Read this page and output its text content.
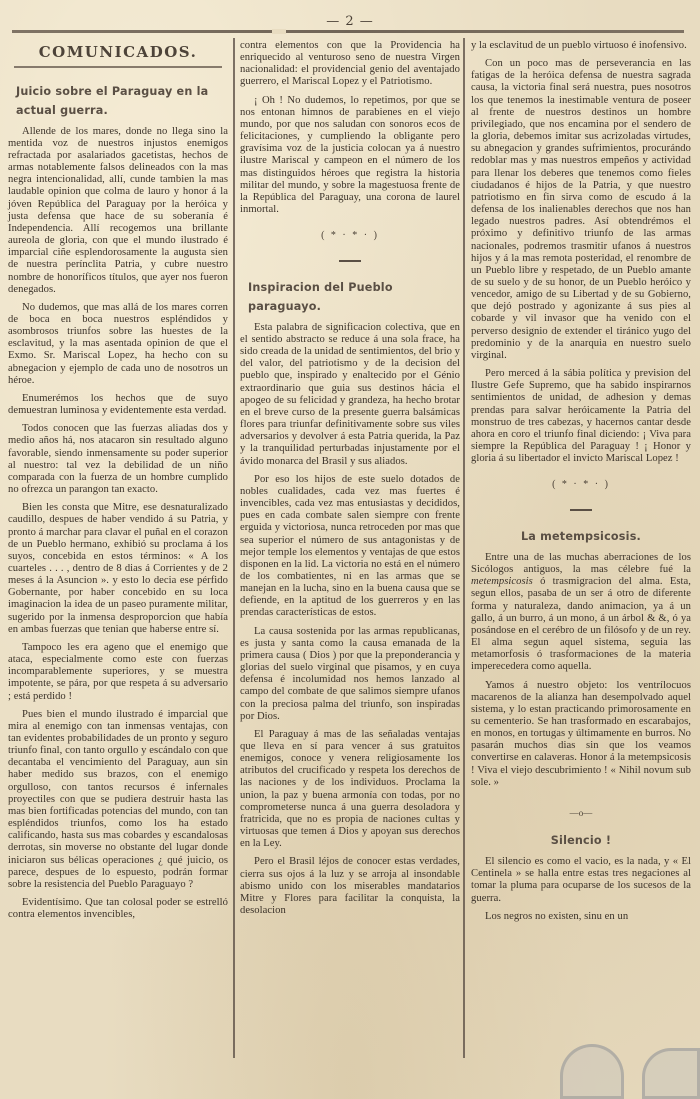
— 2 —
COMUNICADOS.
Juicio sobre el Paraguay en la actual guerra.

Allende de los mares, donde no llega sino la mentida voz de nuestros injustos enemigos refractada por asalariados gacetistas, hechos de armas notablemente falsos delineados con la mas negra intencionalidad, allí, cunde tambien la mas laudable opinion que colma de lauro y honor á la jóven República del Paraguay por la heróica y justa defensa que hace de su soberanía é Independencia. Allí recogemos una brillante aureola de gloria, con que el mundo ilustrado é imparcial ciñe esplendorosamente la augusta sien de nuestra perínclita Patria, y cubre nuestro nombre de honoríficos títulos, que ayer nos fueron denegados.

No dudemos, que mas allá de los mares corren de boca en boca nuestros espléndidos y asombrosos triunfos sobre las huestes de la esclavitud, y la mas asentada opinion de que el Exmo. Sr. Mariscal Lopez, ha hecho con su abnegacion y ejemplo de cada uno de nosotros un héroe.

Enumerémos los hechos que de suyo demuestran luminosa y evidentemente esta verdad.

Todos conocen que las fuerzas aliadas dos y medio años há, nos atacaron sin resultado alguno favorable, siendo inmensamente su poder superior al nuestro: tal vez la debilidad de un niño comparada con la fuerza de un hombre cumplido no ofrezca un parangon tan exacto.

Bien les consta que Mitre, ese desnaturalizado caudillo, despues de haber vendido á su Patria, y pronto á marchar para clavar el puñal en el corazon de un Pueblo hermano, exhibió su proclama á los suyos, concebida en estos términos: « A los cuarteles . . . , dentro de 8 dias á Corrientes y de 2 meses á la Asuncion ». y esto lo decia ese pérfido Gobernante, por haber concebido en su loca imaginacion la idea de un paseo puramente militar, sugerido por la inmensa desproporcion que había en ambas fuerzas que tenian que haberse entre sí.

Tampoco les era ageno que el enemigo que ataca, especialmente como este con fuerzas incomparablemente superiores, y se muestra impotente, se pára, por que respeta á su adversario ; está perdido !

Pues bien el mundo ilustrado é imparcial que mira al enemigo con tan inmensas ventajas, con tan evidentes probabilidades de un pronto y seguro triunfo final, con tanto orgullo y escándalo con que decantaba el vencimiento del Paraguay, aun sin haber medido sus brazos, con el enemigo orgulloso, con tantos recursos é infernales proyectiles con que se pudiera destruir hasta las mas bien fortificadas potencias del mundo, con tan espléndidos triunfos, como los ha estado calificando, hasta sus mas cobardes y escandalosas derrotas, sin moverse no obstante del lugar donde iniciaron sus bélicas operaciones ¿ qué juicio, os parece, despues de lo espuesto, podrán formar sobre la resistencia del Pueblo Paraguayo ?

Evidentísimo. Que tan colosal poder se estrelló contra elementos invencibles,

contra elementos con que la Providencia ha enriquecido al venturoso seno de nuestra Virgen nacionalidad: el providencial genio del aventajado guerrero, el Mariscal Lopez y el Patriotismo.

¡ Oh ! No dudemos, lo repetimos, por que se nos entonan himnos de parabienes en el viejo mundo, por que nos saludan con sonoros ecos de felicitaciones, y cumpliendo la obligante pero gravísima voz de la justicia colocan ya á nuestro ilustre Mariscal y campeon en el número de los mas distinguidos héroes que registra la historia militar del mundo, y sobre la magestuosa frente de la República del Paraguay, una corona de laurel inmortal.

( * · * · )
Inspiracion del Pueblo paraguayo.

Esta palabra de significacion colectiva, que en el sentido abstracto se reduce á una sola frace, ha sido creada de la unidad de sentimientos, del brio y del valor, del patriotismo y de la decision del pueblo que, inspirado y enaltecido por el Génio extraordinario que guia sus destinos hácia el apogeo de su felicidad y grandeza, ha hecho brotar en el breve curso de la presente guerra balsámicas flores para triunfar definitivamente sobre sus viles adversarios y devolver á esta Patria querida, la Paz y la tranquilidad perturbadas injustamente por el ávido monarca del Brasil y sus aliados.

Por eso los hijos de este suelo dotados de nobles cualidades, cada vez mas fuertes é invencibles, cada vez mas entusiastas y decididos, pues en cada combate salen siempre con frente erguida y victoriosa, nunca retroceden por mas que sea superior el número de sus antagonistas y de mejor temple los elementos y ventajas de que estos disponen en la lid. La victoria no está en el número de los combatientes, ni en las armas que se manejan en la lucha, sino en la buena causa que se defiende, en la aptitud de los guerreros y en las prendas características de estos.

La causa sostenida por las armas republicanas, es justa y santa como la causa emanada de la primera causa ( Dios ) por que la preponderancia y glorias del suelo virginal que pisamos, y en cuya defensa é incolumidad nos hemos lanzado al campo del combate de que salimos siempre ufanos con la preciosa palma del triunfo, son inspiradas por Dios.

El Paraguay á mas de las señaladas ventajas que lleva en sí para vencer á sus gratuitos enemigos, conoce y venera religiosamente los atributos del crucificado y respeta los derechos de las naciones y de los individuos. Proclama la union, la paz y buena armonía con todas, por no comprometerse nunca á una guerra desoladora y fratricida, que no es propia de naciones cultas y virtuosas que temen á Dios y apoyan sus derechos en la Ley.

Pero el Brasil léjos de conocer estas verdades, cierra sus ojos á la luz y se arroja al insondable abismo unido con los miserables mandatarios Mitre y Flores para facilitar la conquista, la desolacion

y la esclavitud de un pueblo virtuoso é inofensivo.

Con un poco mas de perseverancia en las fatigas de la heróica defensa de nuestra sagrada causa, la victoria final será nuestra, pues nosotros los que tenemos la inestimable ventura de poseer al frente de nuestros destinos un hombre privilegiado, que nos encamina por el sendero de la gloria, debemos imitar sus acrizoladas virtudes, su abnegacion y grandes sufrimientos, procurándo redoblar mas y mas nuestros empeños y actividad para llenar los deberes que tenemos como fieles ciudadanos é hijos de la Patria, y que nuestro patriotismo en fin sirva como de escudo á la defensa de los inalienables derechos que nos han legado nuestros padres. Así obtendrémos el próximo y definitivo triunfo de las armas nacionales, podremos trasmitir ufanos á nuestros hijos y á la mas remota posteridad, el renombre de un Pueblo libre y respetado, de un Pueblo amante de su suelo y de su honor, de un Pueblo heróico y vencedor, amigo de su Libertad y de su Gobierno, que dejó postrado y agonizante á sus pies al cobarde y vil invasor que ha venido con el perverso designio de extender el tiránico yugo del predominio y de la anarquia en nuestro suelo virginal.

Pero merced á la sábia política y prevision del Ilustre Gefe Supremo, que ha sabido inspirarnos sentimientos de unidad, de adhesion y demas prendas para salvar heróicamente la Patria del monstruo de tres cabezas, y hacernos cantar desde ahora en coro el triunfo final diciendo: ¡ Viva para siempre la República del Paraguay ! ¡ Honor y gloria á su libertador el invicto Mariscal Lopez !

( * · * · )
La metempsicosis.

Entre una de las muchas aberraciones de los Sicólogos antiguos, la mas célebre fué la metempsicosis ó trasmigracion del alma. Esta, segun ellos, pasaba de un ser á otro de diferente forma y naturaleza, dando animacion, ya á un gallo, á un burro, á un mono, á un árbol & &, ó ya posándose en el cerébro de un filósofo y de un rey. El alma segun aquel sistema, seguia las metamorfosis ó trasformaciones de la materia imperecedera como aquella.

Yamos á nuestro objeto: los ventrílocuos macarenos de la alianza han desempolvado aquel sistema, y lo estan practicando primorosamente en su cementerio. Se han trasformado en escarabajos, en monos, en tortugas y últimamente en burros. No pasarán muchos dias sin que los veamos convertirse en calaveras. Honor á la metempsicosis ! Viva el viejo descubrimiento ! « Nihil novum sub sole. »

—o—
Silencio !

El silencio es como el vacio, es la nada, y « El Centinela » se halla entre estas tres negaciones al tomar la pluma para ocuparse de los sucesos de la guerra.

Los negros no existen, sinu en un
